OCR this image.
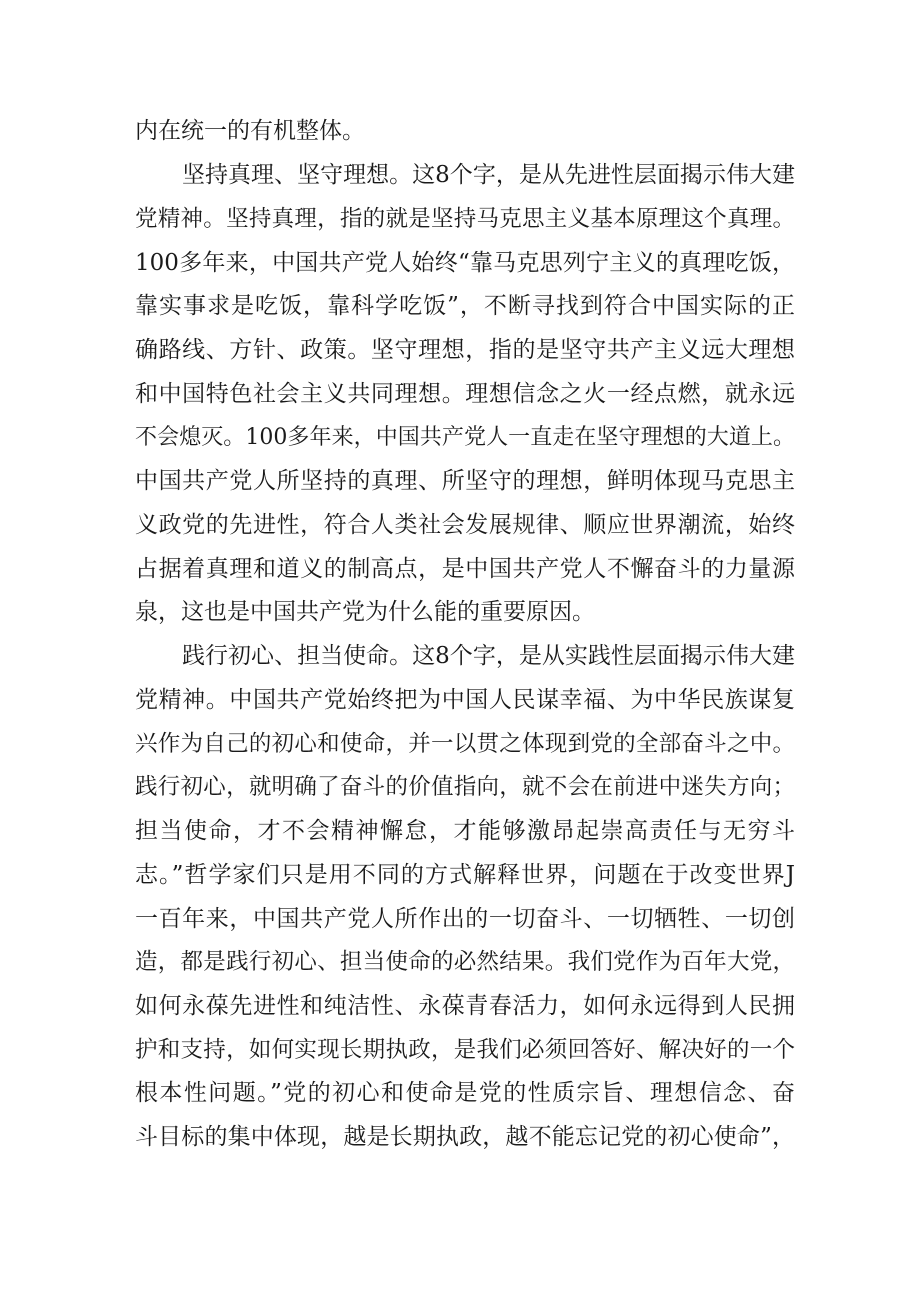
内在统一的有机整体。
坚持真理、坚守理想。这8个字，是从先进性层面揭示伟大建
党精神。坚持真理，指的就是坚持马克思主义基本原理这个真理。
100多年来，中国共产党人始终“靠马克思列宁主义的真理吃饭，
靠实事求是吃饭，靠科学吃饭”，不断寻找到符合中国实际的正
确路线、方针、政策。坚守理想，指的是坚守共产主义远大理想
和中国特色社会主义共同理想。理想信念之火一经点燃，就永远
不会熄灭。100多年来，中国共产党人一直走在坚守理想的大道上。
中国共产党人所坚持的真理、所坚守的理想，鲜明体现马克思主
义政党的先进性，符合人类社会发展规律、顺应世界潮流，始终
占据着真理和道义的制高点，是中国共产党人不懈奋斗的力量源
泉，这也是中国共产党为什么能的重要原因。
践行初心、担当使命。这8个字，是从实践性层面揭示伟大建
党精神。中国共产党始终把为中国人民谋幸福、为中华民族谋复
兴作为自己的初心和使命，并一以贯之体现到党的全部奋斗之中。
践行初心，就明确了奋斗的价值指向，就不会在前进中迷失方向；
担当使命，才不会精神懈怠，才能够激昂起崇高责任与无穷斗
志。”哲学家们只是用不同的方式解释世界，问题在于改变世界J
一百年来，中国共产党人所作出的一切奋斗、一切牺牲、一切创
造，都是践行初心、担当使命的必然结果。我们党作为百年大党，
如何永葆先进性和纯洁性、永葆青春活力，如何永远得到人民拥
护和支持，如何实现长期执政，是我们必须回答好、解决好的一个
根本性问题。”党的初心和使命是党的性质宗旨、理想信念、奋
斗目标的集中体现，越是长期执政，越不能忘记党的初心使命”，
